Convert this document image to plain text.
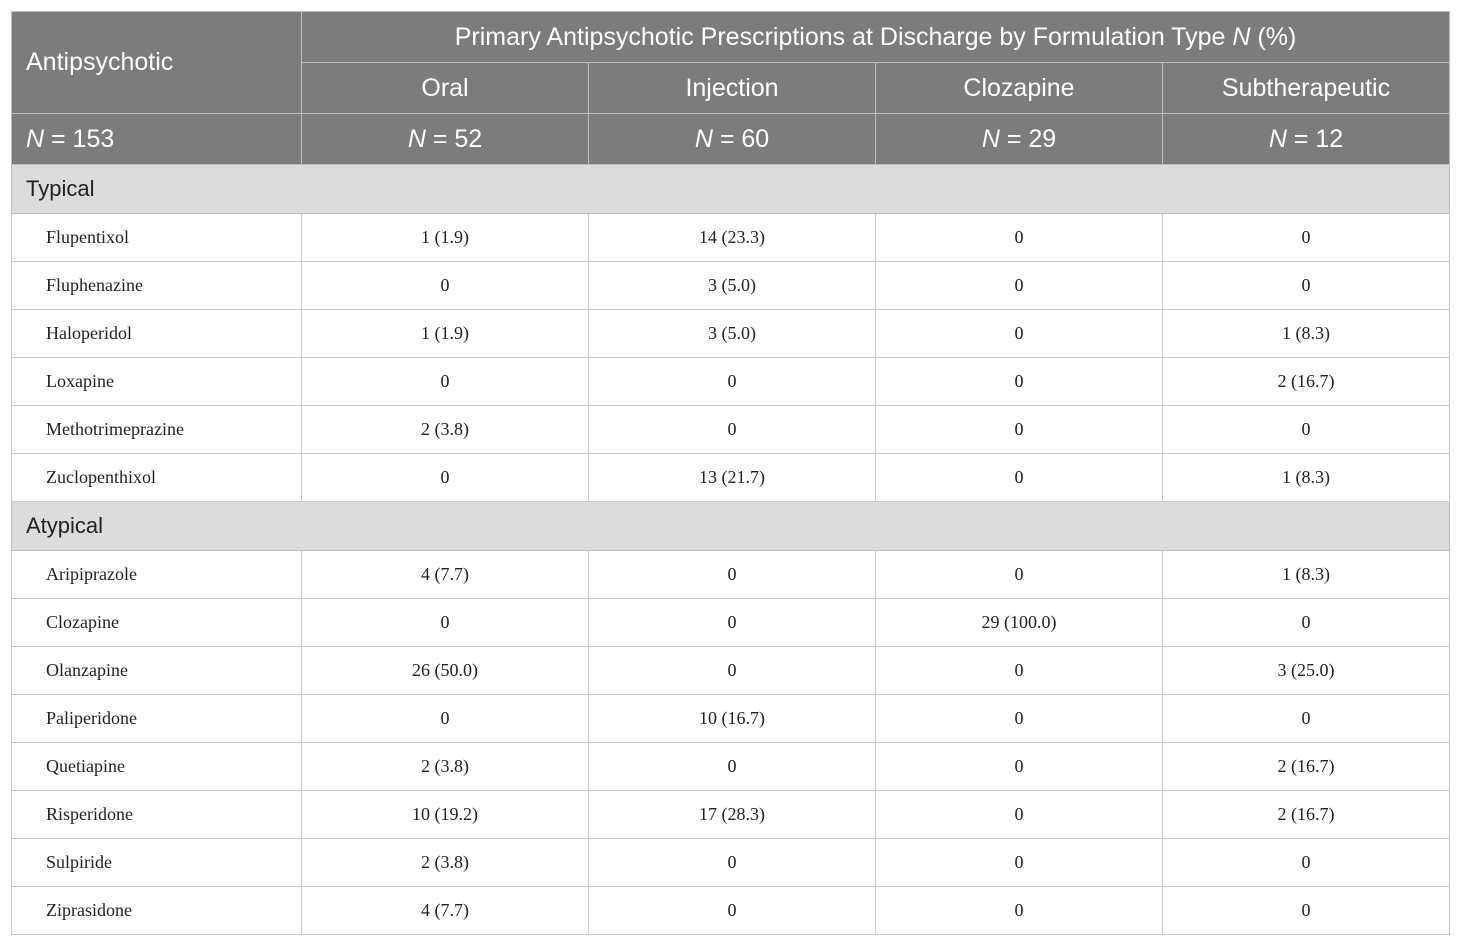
Antipsychotic	Primary Antipsychotic Prescriptions at Discharge by Formulation Type N (%)			
	Oral	Injection	Clozapine	Subtherapeutic
N = 153	N = 52	N = 60	N = 29	N = 12
Typical				
Flupentixol	1 (1.9)	14 (23.3)	0	0
Fluphenazine	0	3 (5.0)	0	0
Haloperidol	1 (1.9)	3 (5.0)	0	1 (8.3)
Loxapine	0	0	0	2 (16.7)
Methotrimeprazine	2 (3.8)	0	0	0
Zuclopenthixol	0	13 (21.7)	0	1 (8.3)
Atypical				
Aripiprazole	4 (7.7)	0	0	1 (8.3)
Clozapine	0	0	29 (100.0)	0
Olanzapine	26 (50.0)	0	0	3 (25.0)
Paliperidone	0	10 (16.7)	0	0
Quetiapine	2 (3.8)	0	0	2 (16.7)
Risperidone	10 (19.2)	17 (28.3)	0	2 (16.7)
Sulpiride	2 (3.8)	0	0	0
Ziprasidone	4 (7.7)	0	0	0
